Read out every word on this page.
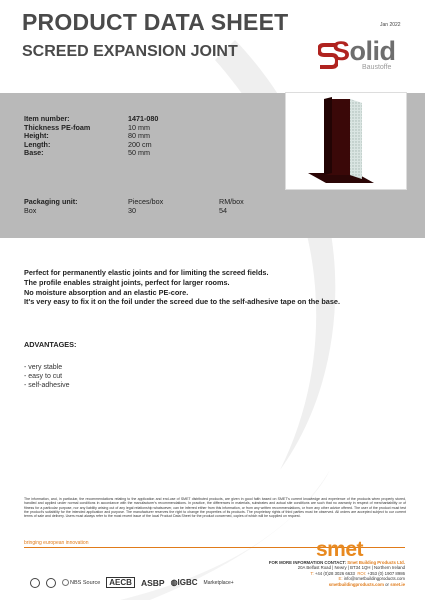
PRODUCT DATA SHEET
SCREED EXPANSION JOINT
Jan 2022
Solid
Baustoffe
Item number:	1471-080
Thickness PE-foam	10 mm
Height:	80 mm
Length:	200 cm
Base:	50 mm
Packaging unit:	Pieces/box	RM/box
Box	30	54
Perfect for permanently elastic joints and for limiting the screed fields.
The profile enables straight joints, perfect for larger rooms.
No moisture absorption and an elastic PE-core.
It's very easy to fix it on the foil under the screed due to the self-adhesive tape on the base.
ADVANTAGES:
- very stable
- easy to cut
- self-adhesive
The information, and, in particular, the recommendations relating to the application and end-use of SMET distributed products, are given in good faith based on SMET's current knowledge and experience of the products when properly stored, handled and applied under normal conditions in accordance with the manufacturer's recommendations. In practice, the differences in materials, substrates and actual site conditions are such that no warranty in respect of merchantability or of fitness for a particular purpose, nor any liability arising out of any legal relationship whatsoever, can be inferred either from this information, or from any written recommendations, or from any other advice offered. The user of the product must test the product's suitability for the intended application and purpose. The manufacturer reserves the right to change the properties of its products. The proprietary rights of third parties must be observed. All orders are accepted subject to our current terms of sale and delivery. Users must always refer to the most recent issue of the local Product Data Sheet for the product concerned, copies of which will be supplied on request.
bringing european innovation	smet
FOR MORE INFORMATION CONTACT: Smet Building Products Ltd.
20A Belfast Road | Newry | BT34 1QH | Northern Ireland
T: +44 (0)28 3026 6633 ROI: +353 (0) 1907 8986
E: info@smetbuildingproducts.com
smetbuildingproducts.com or smet.ie
NBS Source	AECB	ASBP ◍IGBC Marketplace+
